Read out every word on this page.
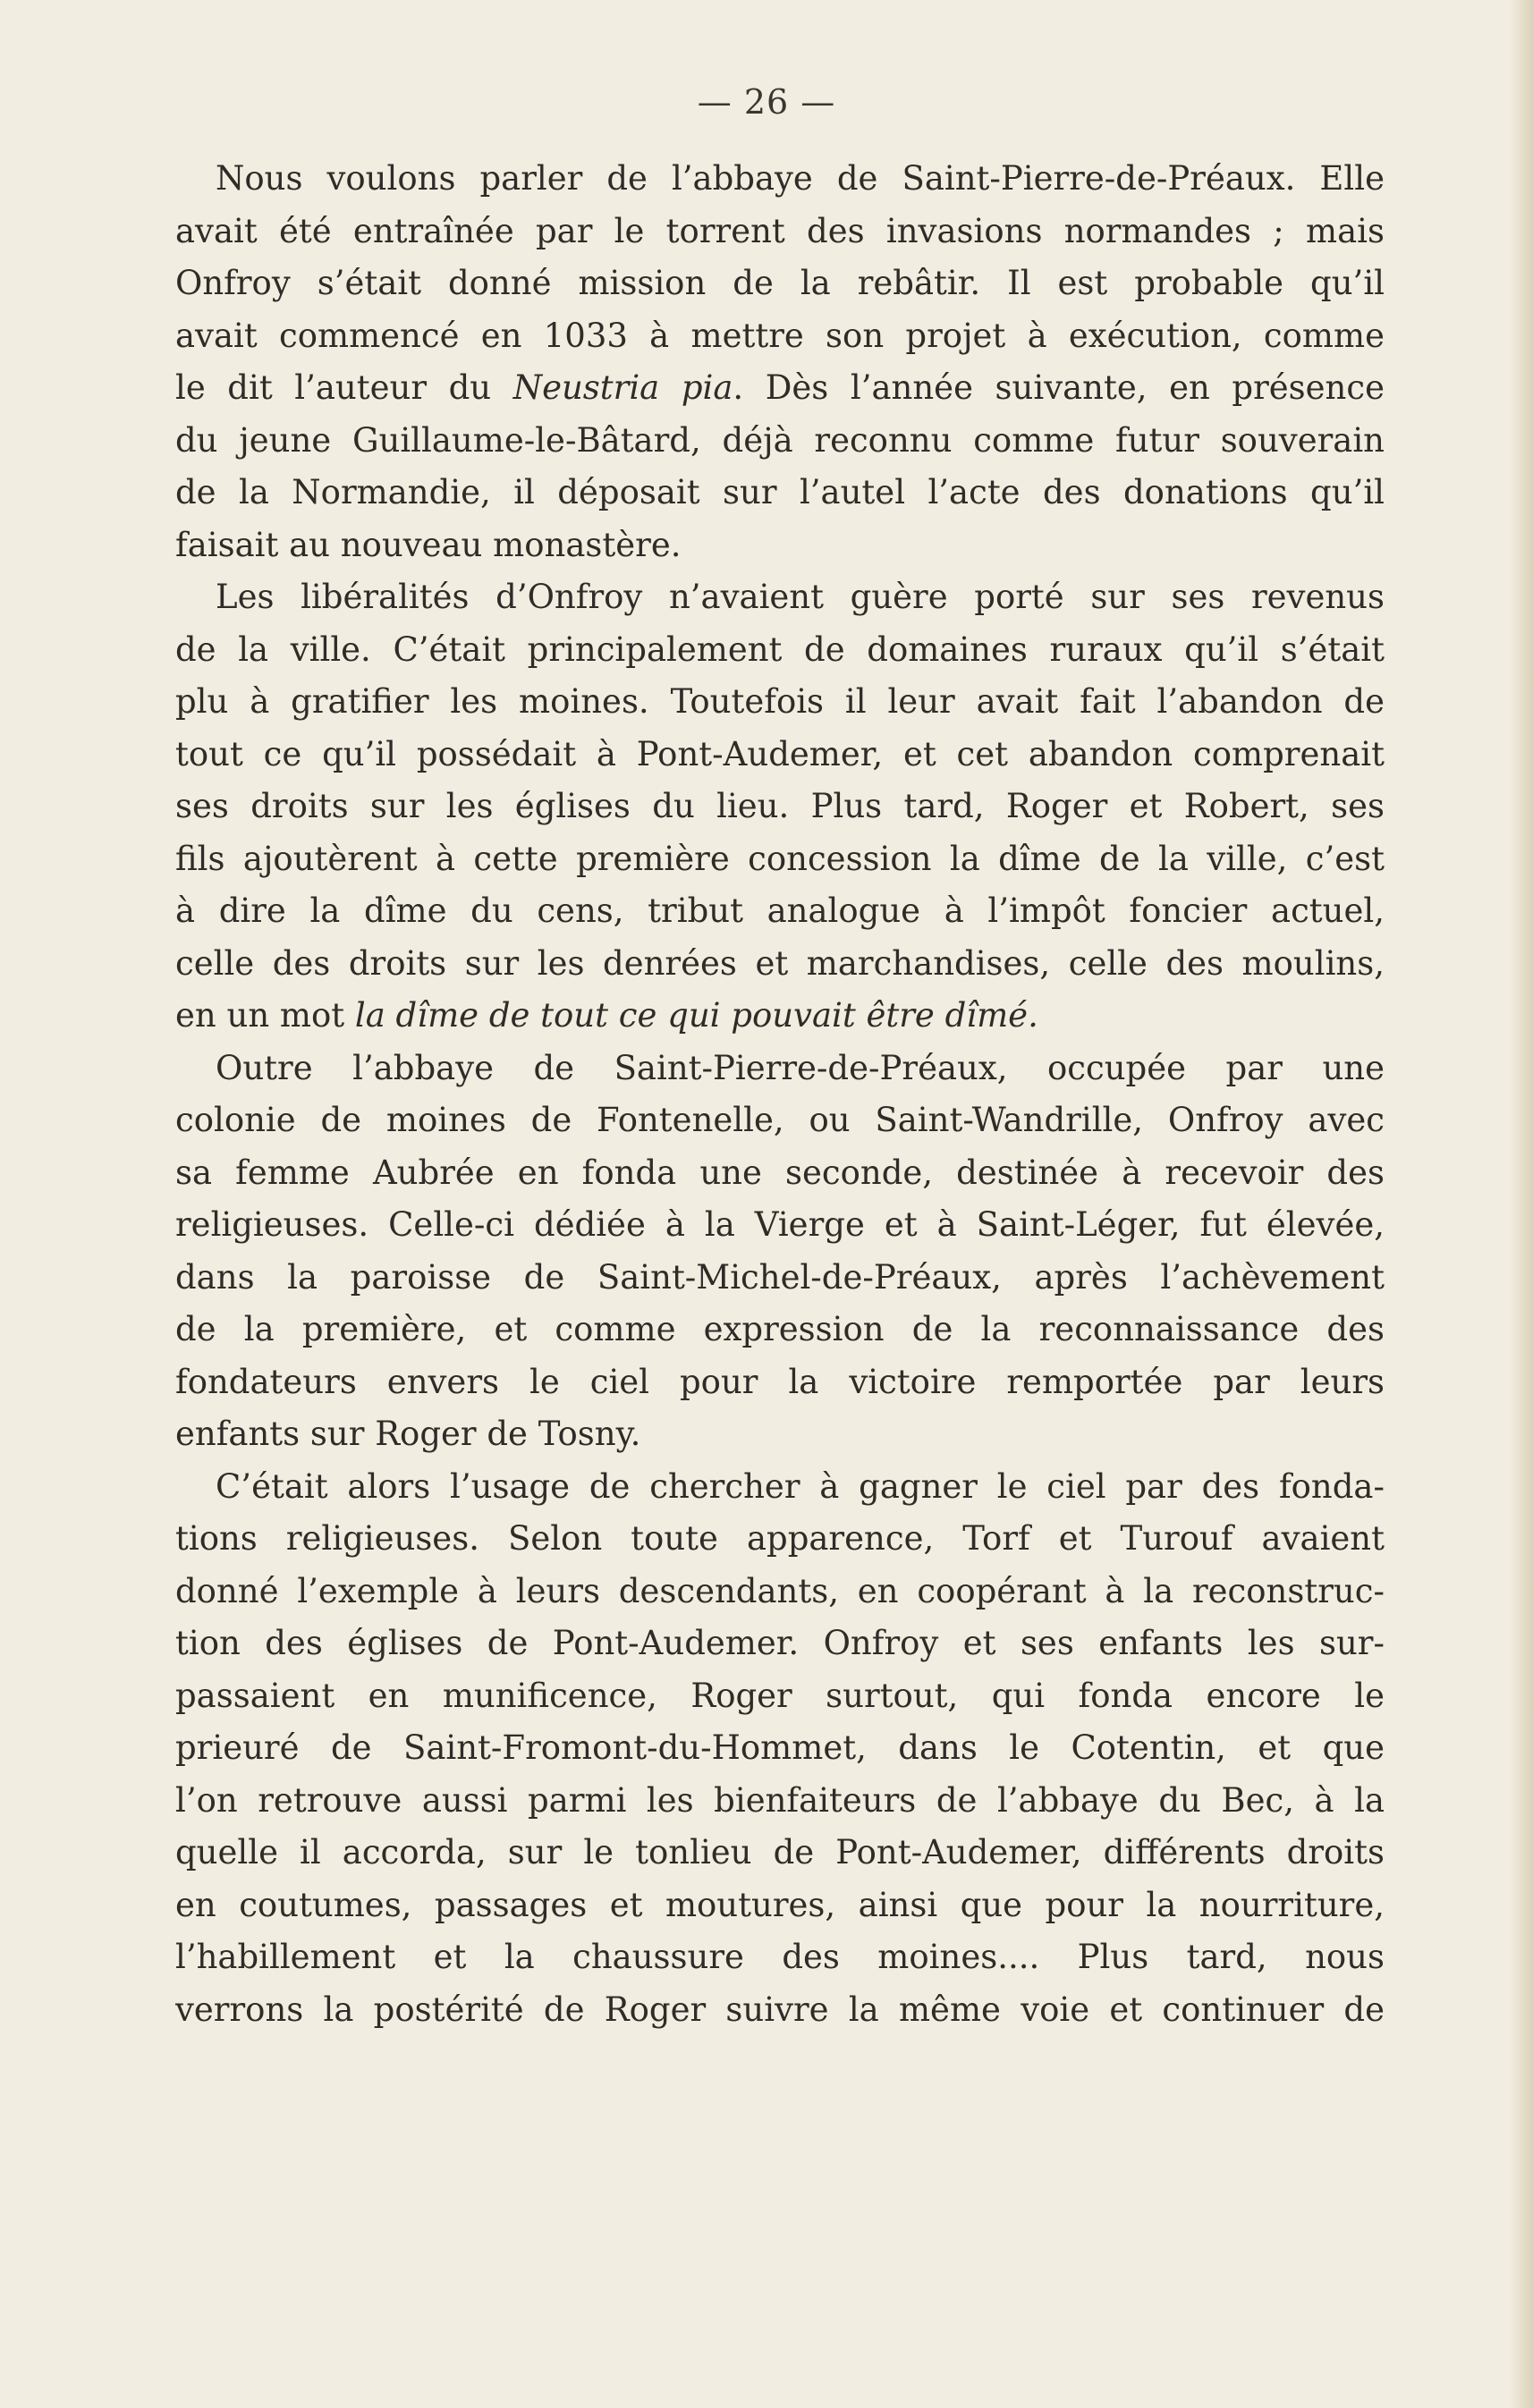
— 26 —
Nous voulons parler de l’abbaye de Saint-Pierre-de-Préaux. Elle
avait été entraînée par le torrent des invasions normandes ; mais
Onfroy s’était donné mission de la rebâtir. Il est probable qu’il
avait commencé en 1033 à mettre son projet à exécution, comme
le dit l’auteur du Neustria pia. Dès l’année suivante, en présence
du jeune Guillaume-le-Bâtard, déjà reconnu comme futur souverain
de la Normandie, il déposait sur l’autel l’acte des donations qu’il
faisait au nouveau monastère.
Les libéralités d’Onfroy n’avaient guère porté sur ses revenus
de la ville. C’était principalement de domaines ruraux qu’il s’était
plu à gratifier les moines. Toutefois il leur avait fait l’abandon de
tout ce qu’il possédait à Pont-Audemer, et cet abandon comprenait
ses droits sur les églises du lieu. Plus tard, Roger et Robert, ses
fils ajoutèrent à cette première concession la dîme de la ville, c’est
à dire la dîme du cens, tribut analogue à l’impôt foncier actuel,
celle des droits sur les denrées et marchandises, celle des moulins,
en un mot la dîme de tout ce qui pouvait être dîmé.
Outre l’abbaye de Saint-Pierre-de-Préaux, occupée par une
colonie de moines de Fontenelle, ou Saint-Wandrille, Onfroy avec
sa femme Aubrée en fonda une seconde, destinée à recevoir des
religieuses. Celle-ci dédiée à la Vierge et à Saint-Léger, fut élevée,
dans la paroisse de Saint-Michel-de-Préaux, après l’achèvement
de la première, et comme expression de la reconnaissance des
fondateurs envers le ciel pour la victoire remportée par leurs
enfants sur Roger de Tosny.
C’était alors l’usage de chercher à gagner le ciel par des fonda-
tions religieuses. Selon toute apparence, Torf et Turouf avaient
donné l’exemple à leurs descendants, en coopérant à la reconstruc-
tion des églises de Pont-Audemer. Onfroy et ses enfants les sur-
passaient en munificence, Roger surtout, qui fonda encore le
prieuré de Saint-Fromont-du-Hommet, dans le Cotentin, et que
l’on retrouve aussi parmi les bienfaiteurs de l’abbaye du Bec, à la
quelle il accorda, sur le tonlieu de Pont-Audemer, différents droits
en coutumes, passages et moutures, ainsi que pour la nourriture,
l’habillement et la chaussure des moines.... Plus tard, nous
verrons la postérité de Roger suivre la même voie et continuer de
